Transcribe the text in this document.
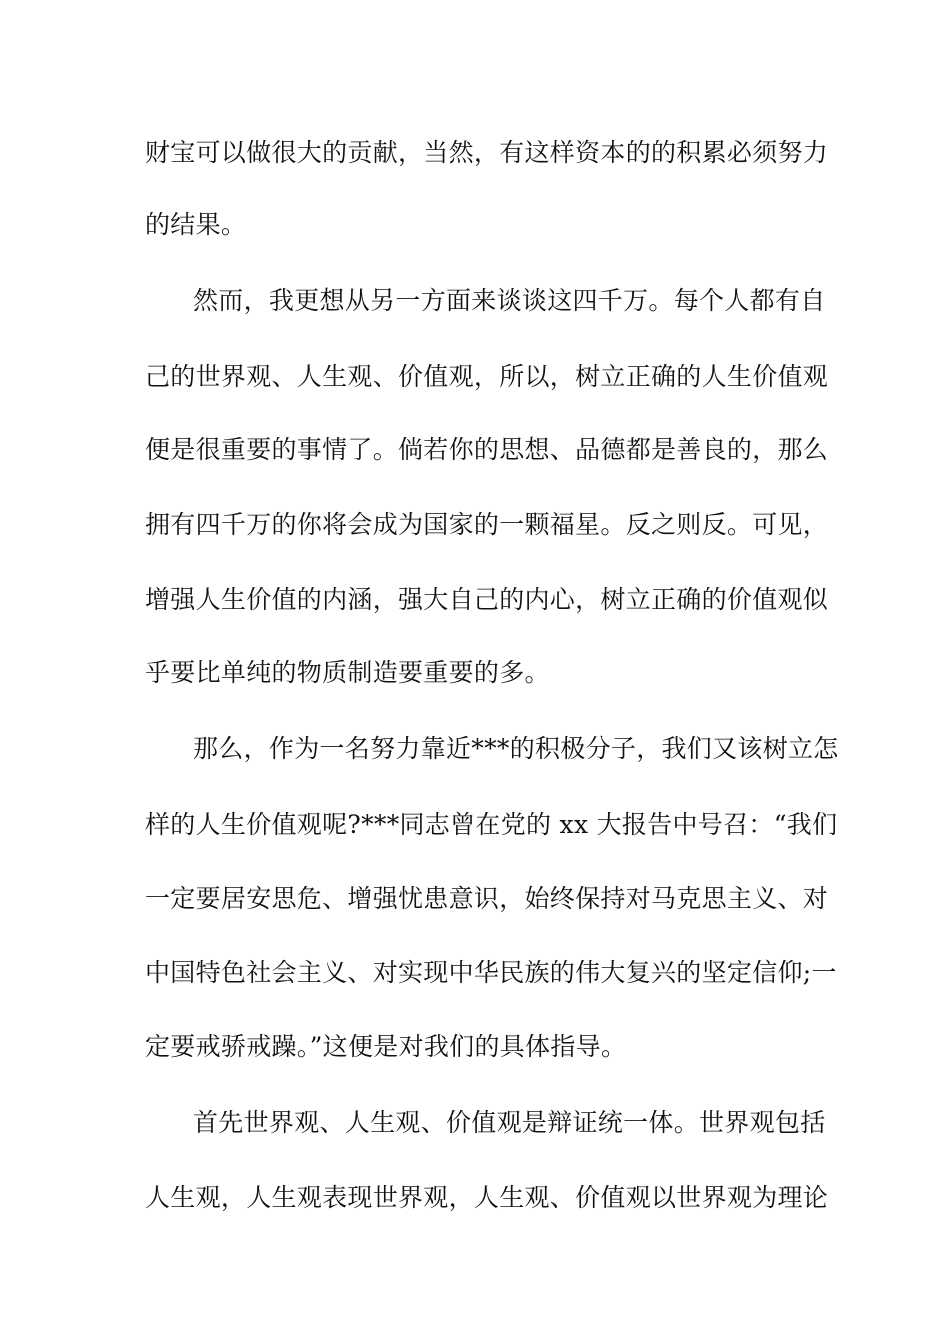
财宝可以做很大的贡献，当然，有这样资本的的积累必须努力
的结果。
然而，我更想从另一方面来谈谈这四千万。每个人都有自
己的世界观、人生观、价值观，所以，树立正确的人生价值观
便是很重要的事情了。倘若你的思想、品德都是善良的，那么
拥有四千万的你将会成为国家的一颗福星。反之则反。可见，
增强人生价值的内涵，强大自己的内心，树立正确的价值观似
乎要比单纯的物质制造要重要的多。
那么，作为一名努力靠近***的积极分子，我们又该树立怎
样的人生价值观呢?***同志曾在党的 xx 大报告中号召：“我们
一定要居安思危、增强忧患意识，始终保持对马克思主义、对
中国特色社会主义、对实现中华民族的伟大复兴的坚定信仰;一
定要戒骄戒躁。”这便是对我们的具体指导。
首先世界观、人生观、价值观是辩证统一体。世界观包括
人生观，人生观表现世界观，人生观、价值观以世界观为理论
